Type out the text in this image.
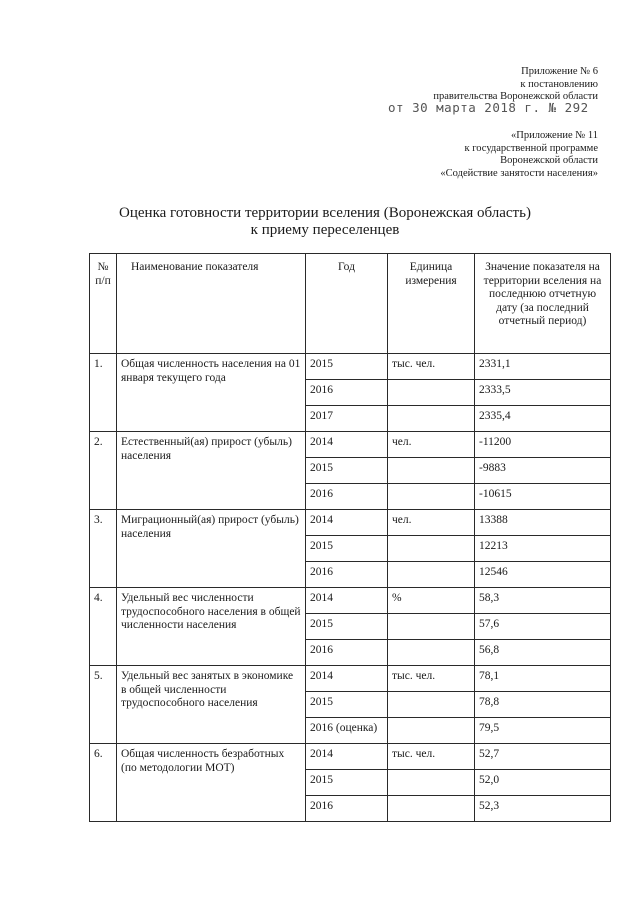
Приложение № 6
к постановлению
правительства Воронежской области
от 30 марта 2018 г. № 292
«Приложение № 11
к государственной программе
Воронежской области
«Содействие занятости населения»
Оценка готовности территории вселения (Воронежская область)
к приему переселенцев
№ п/п	Наименование показателя	Год	Единица измерения	Значение показателя на территории вселения на последнюю отчетную дату (за последний отчетный период)
1.	Общая численность населения на 01 января текущего года	2015	тыс. чел.	2331,1
		2016		2333,5
		2017		2335,4
2.	Естественный(ая) прирост (убыль) населения	2014	чел.	-11200
		2015		-9883
		2016		-10615
3.	Миграционный(ая) прирост (убыль) населения	2014	чел.	13388
		2015		12213
		2016		12546
4.	Удельный вес численности трудоспособного населения в общей численности населения	2014	%	58,3
		2015		57,6
		2016		56,8
5.	Удельный вес занятых в экономике в общей численности трудоспособного населения	2014	тыс. чел.	78,1
		2015		78,8
		2016 (оценка)		79,5
6.	Общая численность безработных (по методологии МОТ)	2014	тыс. чел.	52,7
		2015		52,0
		2016		52,3
